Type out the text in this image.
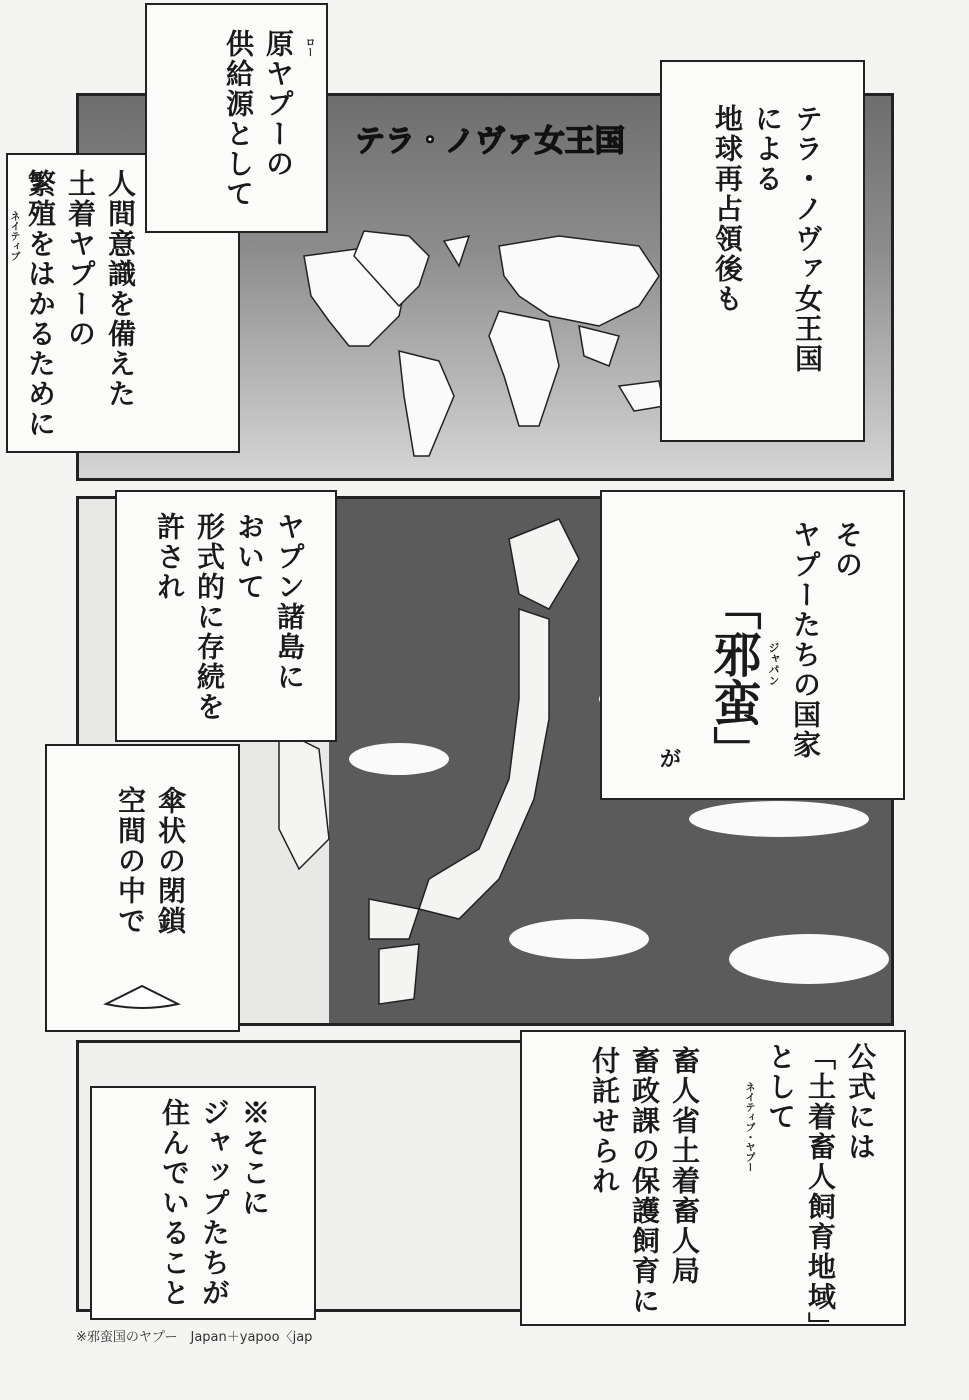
テラ・ノヴァ女王国
人間意識を備えた
土着ヤプーの
繁殖をはかるために
ネイティブ
原ヤプーの
供給源として	ロー
テラ・ノヴァ女王国
による
地球再占領後も
ヤプン諸島に
おいて
形式的に存続を
許され
傘状の閉鎖
空間の中で
その
ヤプーたちの国家
ジャパン
「邪蛮」
が
※そこに
ジャップたちが
住んでいること	公式には
「土着畜人飼育地域」
として
ネイティブ・ヤプー
畜人省土着畜人局
畜政課の保護飼育に
付託せられ
※邪蛮国のヤプー　Japan＋yapoo〈jap
